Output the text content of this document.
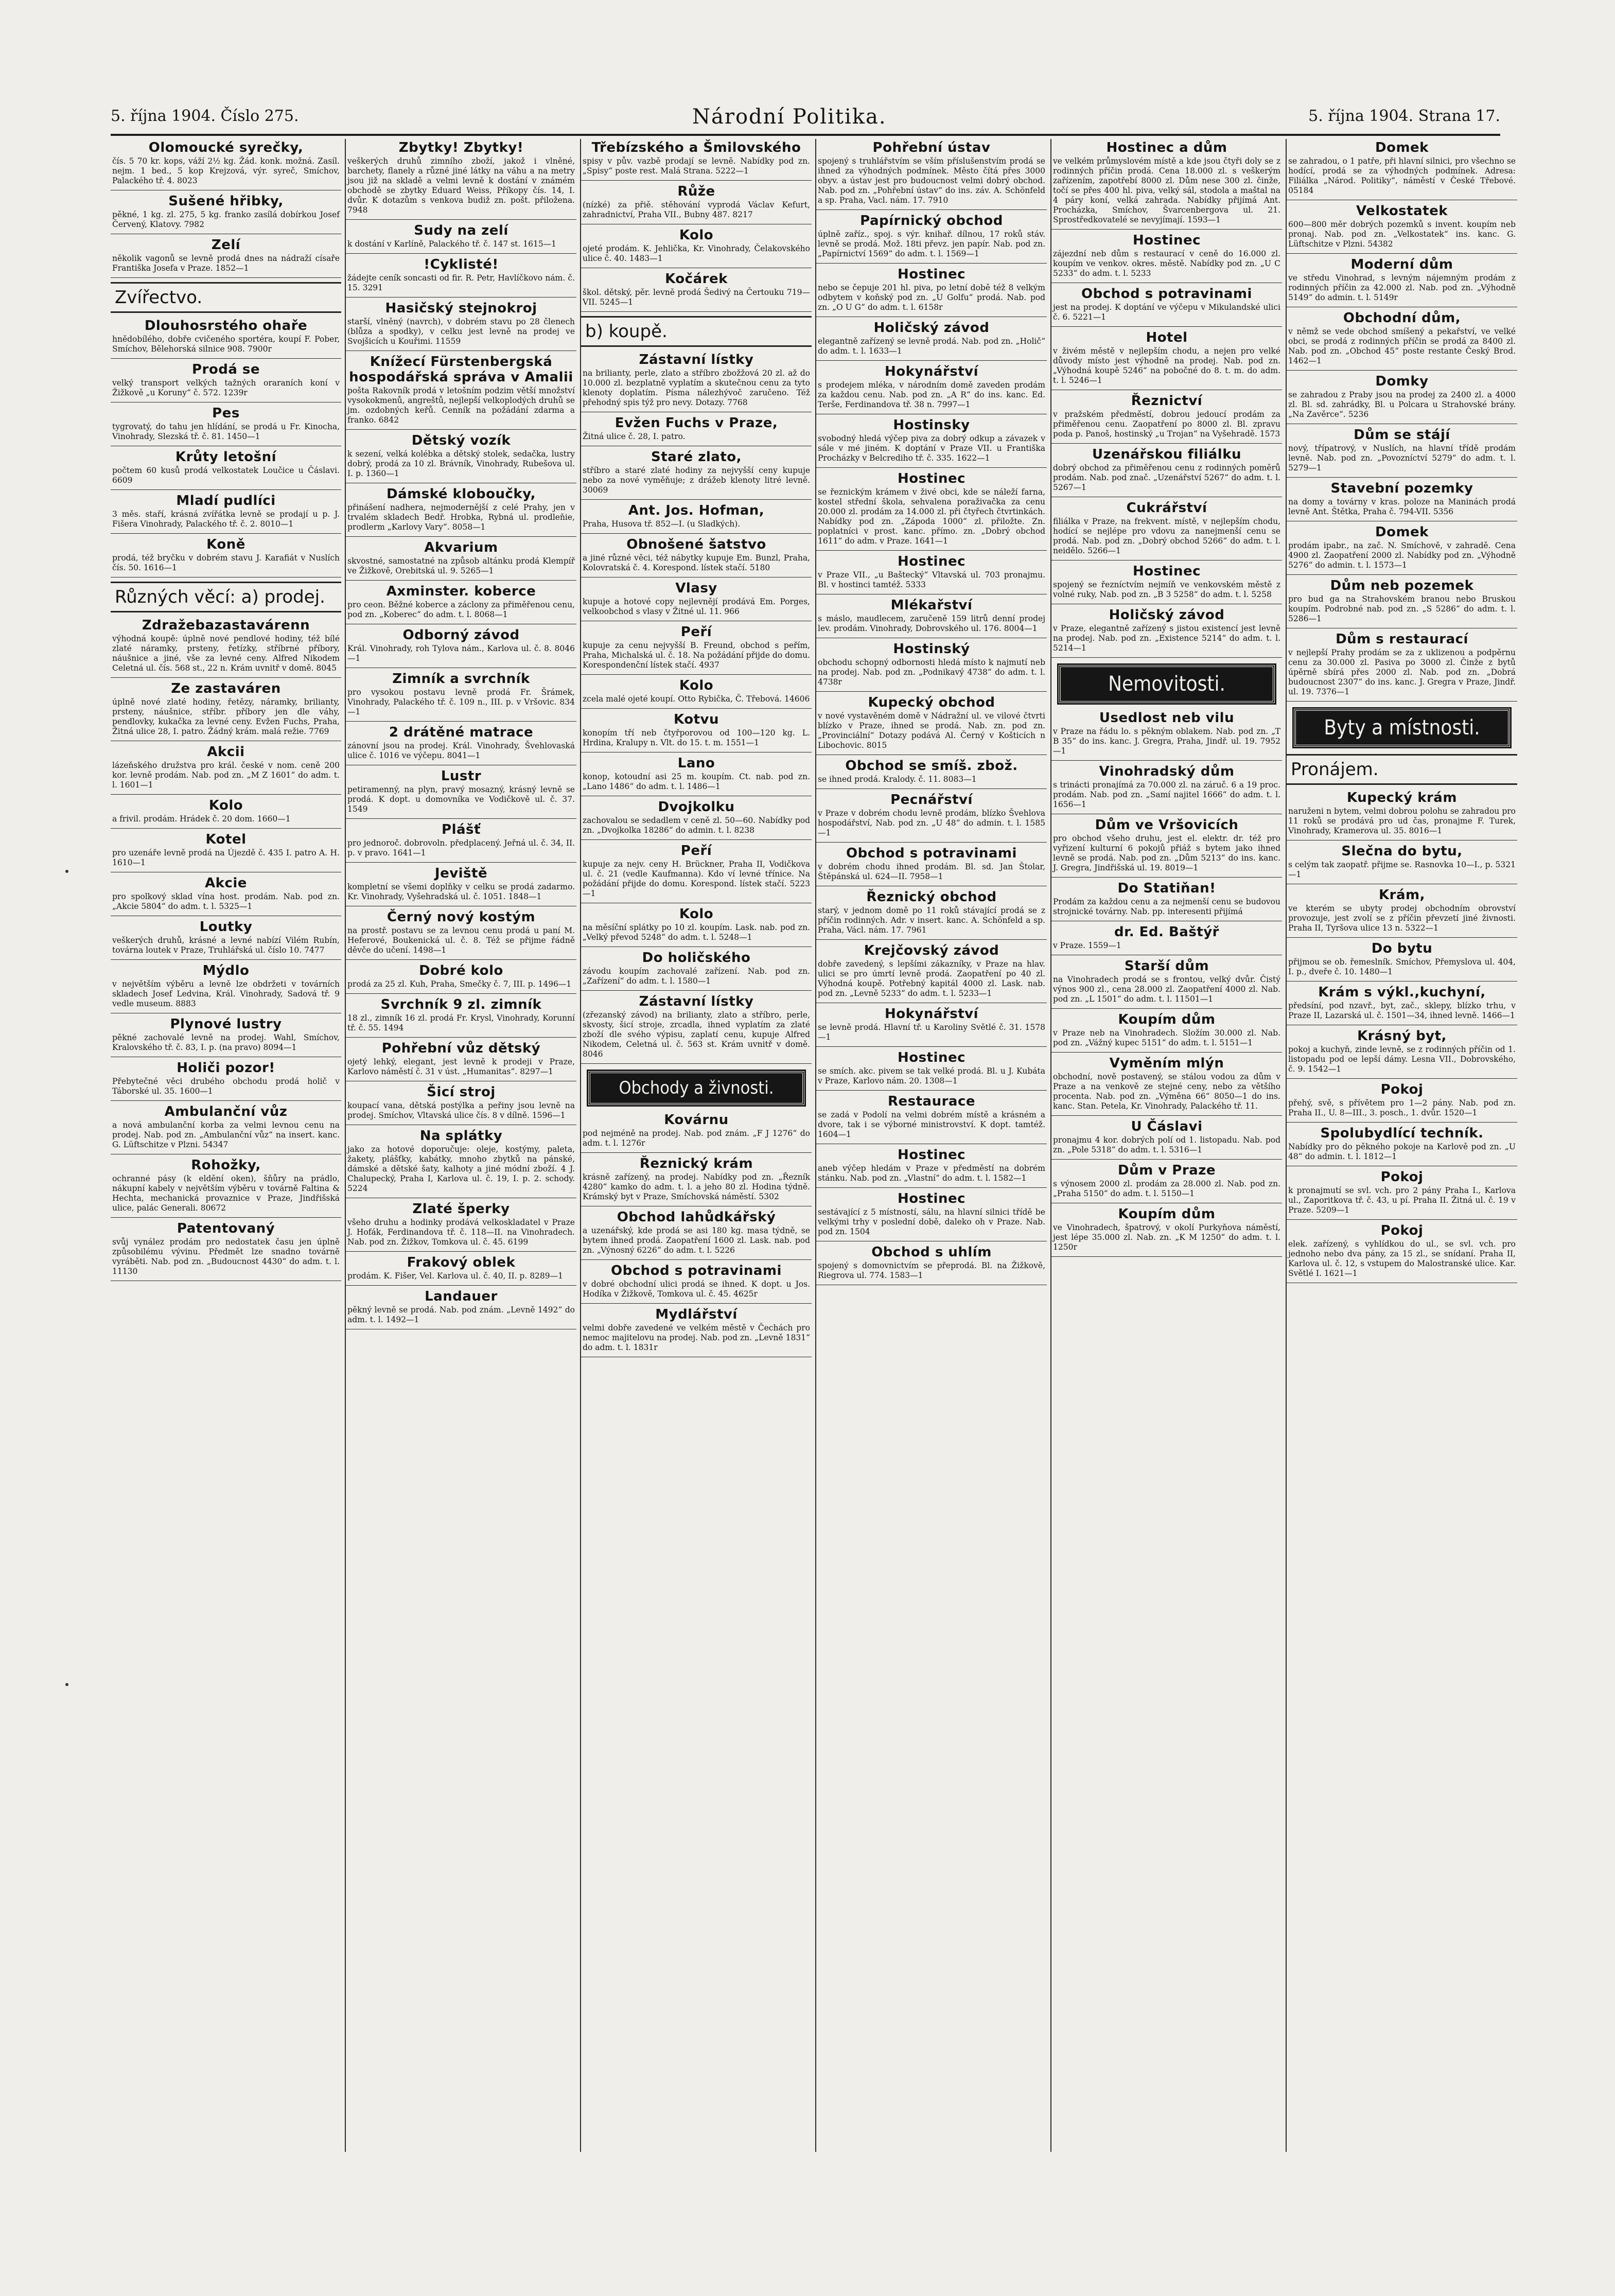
5. října 1904. Číslo 275.	Národní Politika.	5. října 1904. Strana 17.
Olomoucké syrečky,

čís. 5 70 kr. kops, váží 2½ kg. Žád. konk. možná. Zasíl. nejm. 1 bed., 5 kop Krejzová, výr. syreč, Smíchov, Palackého tř. 4. 8023

Sušené hřibky,

pěkné, 1 kg. zl. 275, 5 kg. franko zasílá dobírkou Josef Červený, Klatovy. 7982

Zelí

několik vagonů se levně prodá dnes na nádraží císaře Františka Josefa v Praze. 1852—1

Zvířectvo.
Dlouhosrstého ohaře

hnědobílého, dobře cvičeného sportéra, koupí F. Pober, Smíchov, Bělehorská silnice 908. 7900r

Prodá se

velký transport velkých tažných oraraních koní v Žižkově „u Koruny“ č. 572. 1239r

Pes

tygrovatý, do tahu jen hlídání, se prodá u Fr. Kinocha, Vinohrady, Slezská tř. č. 81. 1450—1

Krůty letošní

počtem 60 kusů prodá velkostatek Loučice u Čáslavi. 6609

Mladí pudlíci

3 měs. staří, krásná zvířátka levně se prodají u p. J. Fišera Vinohrady, Palackého tř. č. 2. 8010—1

Koně

prodá, též bryčku v dobrém stavu J. Karafiát v Nuslích čís. 50. 1616—1

Různých věcí: a) prodej.
Zdražebazastavárenn

výhodná koupě: úplně nové pendlové hodiny, též bílé zlaté náramky, prsteny, řetízky, stříbrné příbory, náušnice a jiné, vše za levné ceny. Alfred Nikodem Celetná ul. čís. 568 st., 22 n. Krám uvnitř v domě. 8045

Ze zastaváren

úplně nové zlaté hodiny, řetězy, náramky, brilianty, prsteny, náušnice, stříbr. příbory jen dle váhy, pendlovky, kukačka za levné ceny. Evžen Fuchs, Praha, Žitná ulice 28, I. patro. Žádný krám. malá režie. 7769

Akcii

lázeňského družstva pro král. české v nom. ceně 200 kor. levně prodám. Nab. pod zn. „M Z 1601“ do adm. t. l. 1601—1

Kolo

a frivil. prodám. Hrádek č. 20 dom. 1660—1

Kotel

pro uzenáře levně prodá na Újezdě č. 435 I. patro A. H. 1610—1

Akcie

pro spolkový sklad vína host. prodám. Nab. pod zn. „Akcie 5804“ do adm. t. l. 5325—1

Loutky

veškerých druhů, krásné a levné nabízí Vilém Rubín, továrna loutek v Praze, Truhlářská ul. číslo 10. 7477

Mýdlo

v největším výběru a levně lze obdržeti v továrních skladech Josef Ledvina, Král. Vinohrady, Sadová tř. 9 vedle museum. 8883

Plynové lustry

pěkné zachovalé levně na prodej. Wahl, Smíchov, Kralovského tř. č. 83, I. p. (na pravo) 8094—1

Holiči pozor!

Přebytečné věci drubého obchodu prodá holič v Táborské ul. 35. 1600—1

Ambulanční vůz

a nová ambulanční korba za velmi levnou cenu na prodej. Nab. pod zn. „Ambulanční vůz“ na insert. kanc. G. Lüftschitze v Plzni. 54347

Rohožky,

ochranné pásy (k eldění oken), šňůry na prádlo, nákupní kabely v největším výběru v továrně Faltina & Hechta, mechanická provaznice v Praze, Jindřišská ulice, palác Generali. 80672

Patentovaný

svůj vynález prodám pro nedostatek času jen úplně způsobilému vývinu. Předmět lze snadno továrně vyráběti. Nab. pod zn. „Budoucnost 4430“ do adm. t. l. 11130

Zbytky! Zbytky!

veškerých druhů zimního zboží, jakož i vlněné, barchety, flanely a různé jiné látky na váhu a na metry jsou již na skladě a velmi levně k dostání v známém obchodě se zbytky Eduard Weiss, Příkopy čís. 14, I. dvůr. K dotazům s venkova budiž zn. pošt. přiložena. 7948

Sudy na zelí

k dostání v Karlíně, Palackého tř. č. 147 st. 1615—1

!Cyklisté!

žádejte ceník soncasti od fir. R. Petr, Havlíčkovo nám. č. 15. 3291

Hasičský stejnokroj

starší, vlněný (navrch), v dobrém stavu po 28 členech (blůza a spodky), v celku jest levně na prodej ve Svojšicích u Kouřimi. 11559

Knížecí Fürstenbergská hospodářská správa v Amalii

pošta Rakovník prodá v letošním podzim větší množství vysokokmenů, angreštů, nejlepší velkoplodých druhů se jm. ozdobných keřů. Cenník na požádání zdarma a franko. 6842

Dětský vozík

k sezení, velká kolébka a dětský stolek, sedačka, lustry dobrý, prodá za 10 zl. Brávník, Vinohrady, Rubešova ul. I. p. 1360—1

Dámské kloboučky,

přinášení nadhera, nejmodernější z celé Prahy, jen v trvalém skladech Bedř. Hrobka, Rybná ul. prodleňie, prodlerm „Karlovy Vary“. 8058—1

Akvarium

skvostné, samostatné na způsob altánku prodá Klempíř ve Žižkově, Orebitská ul. 9. 5265—1

Axminster. koberce

pro ceon. Běžné koberce a záclony za přiměřenou cenu, pod zn. „Koberec“ do adm. t. l. 8068—1

Odborný závod

Král. Vinohrady, roh Tylova nám., Karlova ul. č. 8. 8046—1

Zimník a svrchník

pro vysokou postavu levně prodá Fr. Šrámek, Vinohrady, Palackého tř. č. 109 n., III. p. v Vršovic. 834—1

2 drátěné matrace

zánovní jsou na prodej. Král. Vinohrady, Švehlovaská ulice č. 1016 ve výčepu. 8041—1

Lustr

petiramenný, na plyn, pravý mosazný, krásný levně se prodá. K dopt. u domovníka ve Vodičkově ul. č. 37. 1549

Plášť

pro jednoroč. dobrovoln. předplacený. Jeřná ul. č. 34, II. p. v pravo. 1641—1

Jeviště

kompletní se všemi doplňky v celku se prodá zadarmo. Kr. Vinohrady, Vyšehradská ul. č. 1051. 1848—1

Černý nový kostým

na prostř. postavu se za levnou cenu prodá u paní M. Heferové, Boukenická ul. č. 8. Též se přijme řádně děvče do učení. 1498—1

Dobré kolo

prodá za 25 zl. Kuh, Praha, Smečky č. 7, III. p. 1496—1

Svrchník 9 zl. zimník

18 zl., zimník 16 zl. prodá Fr. Krysl, Vinohrady, Korunní tř. č. 55. 1494

Pohřební vůz dětský

ojetý lehký, elegant, jest levně k prodeji v Praze, Karlovo náměstí č. 31 v úst. „Humanitas“. 8297—1

Šicí stroj

koupací vana, dětská postýlka a peřiny jsou levně na prodej. Smíchov, Vltavská ulice čís. 8 v dílně. 1596—1

Na splátky

jako za hotové doporučuje: oleje, kostýmy, paleta, žakety, plášťky, kabátky, mnoho zbytků na pánské, dámské a dětské šaty, kalhoty a jiné módní zboží. 4 J. Chalupecký, Praha I, Karlova ul. č. 19, I. p. 2. schody. 5224

Zlaté šperky

všeho druhu a hodinky prodává velkoskladatel v Praze J. Hofák, Ferdinandova tř. č. 118—II. na Vinohradech. Nab. pod zn. Žižkov, Tomkova ul. č. 45. 6199

Frakový oblek

prodám. K. Fišer, Vel. Karlova ul. č. 40, II. p. 8289—1

Landauer

pěkný levně se prodá. Nab. pod znám. „Levně 1492“ do adm. t. l. 1492—1

Třebízského a Šmilovského

spisy v pův. vazbě prodají se levně. Nabídky pod zn. „Spisy“ poste rest. Malá Strana. 5222—1

Růže

(nízké) za přiě. stěhování vyprodá Václav Kefurt, zahradnictví, Praha VII., Bubny 487. 8217

Kolo

ojeté prodám. K. Jehlička, Kr. Vinohrady, Čelakovského ulice č. 40. 1483—1

Kočárek

škol. dětský, pěr. levně prodá Šedivý na Čertouku 719—VII. 5245—1

b) koupě.
Zástavní lístky

na brilianty, perle, zlato a stříbro zbožžová 20 zl. až do 10.000 zl. bezplatně vyplatím a skutečnou cenu za tyto klenoty doplatím. Písma nálezhývoč zaručeno. Též přehodný spis týž pro nevy. Dotazy. 7768

Evžen Fuchs v Praze,

Žitná ulice č. 28, I. patro.

Staré zlato,

stříbro a staré zlaté hodiny za nejvyšší ceny kupuje nebo za nové vyměňuje; z drážeb klenoty litré levně. 30069

Ant. Jos. Hofman,

Praha, Husova tř. 852—I. (u Sladkých).

Obnošené šatstvo

a jiné různé věci, též nábytky kupuje Em. Bunzl, Praha, Kolovratská č. 4. Korespond. lístek stačí. 5180

Vlasy

kupuje a hotové copy nejlevnějí prodává Em. Porges, velkoobchod s vlasy v Žitné ul. 11. 966

Peří

kupuje za cenu nejvyšší B. Freund, obchod s peřím, Praha, Michalská ul. č. 18. Na požádání přijde do domu. Korespondenční lístek stačí. 4937

Kolo

zcela malé ojeté koupí. Otto Rybička, Č. Třebová. 14606

Kotvu

konopím tří neb čtyřporovou od 100—120 kg. L. Hrdina, Kralupy n. Vlt. do 15. t. m. 1551—1

Lano

konop, kotoudní asi 25 m. koupím. Ct. nab. pod zn. „Lano 1486“ do adm. t. l. 1486—1

Dvojkolku

zachovalou se sedadlem v ceně zl. 50—60. Nabídky pod zn. „Dvojkolka 18286“ do admin. t. l. 8238

Peří

kupuje za nejv. ceny H. Brückner, Praha II, Vodičkova ul. č. 21 (vedle Kaufmanna). Kdo ví levné třínice. Na požádání přijde do domu. Korespond. lístek stačí. 5223—1

Kolo

na měsíční splátky po 10 zl. koupím. Lask. nab. pod zn. „Velký převod 5248“ do adm. t. l. 5248—1

Do holičského

závodu koupím zachovalé zařízení. Nab. pod zn. „Zařízení“ do adm. t. l. 1580—1

Zástavní lístky

(zřezanský závod) na brilianty, zlato a stříbro, perle, skvosty, šicí stroje, zrcadla, ihned vyplatím za zlaté zboží dle svého výpisu, zaplatí cenu, kupuje Alfred Nikodem, Celetná ul. č. 563 st. Krám uvnitř v domě. 8046

Obchody a živnosti.
Kovárnu

pod nejméně na prodej. Nab. pod znám. „F J 1276“ do adm. t. l. 1276r

Řeznický krám

krásně zařízený, na prodej. Nabídky pod zn. „Řezník 4280“ kamko do adm. t. l. a jeho 80 zl. Hodina týdně. Krámský byt v Praze, Smíchovská náměstí. 5302

Obchod lahůdkářský

a uzenářský, kde prodá se asi 180 kg. masa týdně, se bytem ihned prodá. Zaopatření 1600 zl. Lask. nab. pod zn. „Výnosný 6226“ do adm. t. l. 5226

Obchod s potravinami

v dobré obchodní ulici prodá se ihned. K dopt. u Jos. Hodíka v Žižkově, Tomkova ul. č. 45. 4625r

Mydlářství

velmi dobře zavedené ve velkém městě v Čechách pro nemoc majitelovu na prodej. Nab. pod zn. „Levně 1831“ do adm. t. l. 1831r

Pohřební ústav

spojený s truhlářstvím se vším příslušenstvím prodá se ihned za výhodných podmínek. Město čítá přes 3000 obyv. a ústav jest pro budoucnost velmi dobrý obchod. Nab. pod zn. „Pohřební ústav“ do ins. záv. A. Schönfeld a sp. Praha, Vacl. nám. 17. 7910

Papírnický obchod

úplně zaříz., spoj. s výr. knihař. dílnou, 17 roků stáv. levně se prodá. Mož. 18ti převz. jen papír. Nab. pod zn. „Papírnictví 1569“ do adm. t. l. 1569—1

Hostinec

nebo se čepuje 201 hl. piva, po letní době též 8 velkým odbytem v koňský pod zn. „U Golfu“ prodá. Nab. pod zn. „O U G“ do adm. t. l. 6158r

Holičský závod

elegantně zařízený se levně prodá. Nab. pod zn. „Holič“ do adm. t. l. 1633—1

Hokynářství

s prodejem mléka, v národním domě zaveden prodám za každou cenu. Nab. pod zn. „A R“ do ins. kanc. Ed. Terše, Ferdinandova tř. 38 n. 7997—1

Hostinsky

svobodný hledá výčep piva za dobrý odkup a závazek v sále v mé jiném. K doptání v Praze VII. u Františka Procházky v Belcrediho tř. č. 335. 1622—1

Hostinec

se řeznickým krámem v živé obci, kde se náleží farna, kostel střední škola, sehvalena poraživačka za cenu 20.000 zl. prodám za 14.000 zl. při čtyřech čtvrtinkách. Nabídky pod zn. „Zápoda 1000“ zl. přiložte. Zn. poplatníci v prost. kanc. přímo. zn. „Dobrý obchod 1611“ do adm. v Praze. 1641—1

Hostinec

v Praze VII., „u Baštecký“ Vltavská ul. 703 pronajmu. Bl. v hostinci tamtéž. 5333

Mlékařství

s máslo, maudlecem, zaručeně 159 litrů denní prodej lev. prodám. Vinohrady, Dobrovského ul. 176. 8004—1

Hostinský

obchodu schopný odbornosti hledá místo k najmutí neb na prodej. Nab. pod zn. „Podnikavý 4738“ do adm. t. l. 4738r

Kupecký obchod

v nové vystavěném domě v Nádražní ul. ve vilové čtvrti blízko v Praze, ihned se prodá. Nab. zn. pod zn. „Provinciální“ Dotazy podává Al. Černý v Košticích n Libochovic. 8015

Obchod se smíš. zbož.

se ihned prodá. Kralody. č. 11. 8083—1

Pecnářství

v Praze v dobrém chodu levně prodám, blízko Švehlova hospodářství, Nab. pod zn. „U 48“ do admin. t. l. 1585—1

Obchod s potravinami

v dobrém chodu ihned prodám. Bl. sd. Jan Štolar, Štěpánská ul. 624—II. 7958—1

Řeznický obchod

starý, v jednom domě po 11 roků stávající prodá se z příčin rodinných. Adr. v insert. kanc. A. Schönfeld a sp. Praha, Václ. nám. 17. 7961

Krejčovský závod

dobře zavedený, s lepšími zákazníky, v Praze na hlav. ulici se pro úmrtí levně prodá. Zaopatření po 40 zl. Výhodná koupě. Potřebný kapitál 4000 zl. Lask. nab. pod zn. „Levně 5233“ do adm. t. l. 5233—1

Hokynářství

se levně prodá. Hlavní tř. u Karoliny Světlé č. 31. 1578—1

Hostinec

se smích. akc. pivem se tak velké prodá. Bl. u J. Kubáta v Praze, Karlovo nám. 20. 1308—1

Restaurace

se zadá v Podolí na velmi dobrém místě a krásném a dvore, tak i se výborné ministrovství. K dopt. tamtéž. 1604—1

Hostinec

aneb výčep hledám v Praze v předměstí na dobrém stánku. Nab. pod zn. „Vlastní“ do adm. t. l. 1582—1

Hostinec

sestávající z 5 místností, sálu, na hlavní silnici třídě be velkými trhy v poslední době, daleko oh v Praze. Nab. pod zn. 1504

Obchod s uhlím

spojený s domovnictvím se přeprodá. Bl. na Žižkově, Riegrova ul. 774. 1583—1

Hostinec a dům

ve velkém průmyslovém místě a kde jsou čtyři doly se z rodinných příčin prodá. Cena 18.000 zl. s veškerým zařízením, zapotřebí 8000 zl. Dům nese 300 zl. činže, točí se přes 400 hl. piva, velký sál, stodola a maštal na 4 páry koní, velká zahrada. Nabídky přijímá Ant. Procházka, Smíchov, Švarcenbergova ul. 21. Sprostředkovatelé se nevyjímají. 1593—1

Hostinec

zájezdní neb dům s restaurací v ceně do 16.000 zl. koupím ve venkov. okres. městě. Nabídky pod zn. „U C 5233“ do adm. t. l. 5233

Obchod s potravinami

jest na prodej. K doptání ve výčepu v Mikulandské ulici č. 6. 5221—1

Hotel

v živém městě v nejlepším chodu, a nejen pro velké důvody místo jest výhodně na prodej. Nab. pod zn. „Výhodná koupě 5246“ na pobočné do 8. t. m. do adm. t. l. 5246—1

Řeznictví

v pražském předměstí, dobrou jedoucí prodám za přiměřenou cenu. Zaopatření po 8000 zl. Bl. zpravu poda p. Panoš, hostinský „u Trojan“ na Vyšehradě. 1573

Uzenářskou filiálku

dobrý obchod za přiměřenou cenu z rodinných poměrů prodám. Nab. pod znač. „Uzenářství 5267“ do adm. t. l. 5267—1

Cukrářství

filiálka v Praze, na frekvent. místě, v nejlepším chodu, hodící se nejlépe pro vdovu za nanejmenší cenu se prodá. Nab. pod zn. „Dobrý obchod 5266“ do adm. t. l. neidělo. 5266—1

Hostinec

spojený se řezníctvím nejmíň ve venkovském městě z volné ruky, Nab. pod zn. „B 3 5258“ do adm. t. l. 5258

Holičský závod

v Praze, elegantně zařízený s jistou existencí jest levně na prodej. Nab. pod zn. „Existence 5214“ do adm. t. l. 5214—1

Nemovitosti.
Usedlost neb vilu

v Praze na řádu lo. s pěkným oblakem. Nab. pod zn. „T B 35“ do ins. kanc. J. Gregra, Praha, Jindř. ul. 19. 7952—1

Vinohradský dům

s trinácti pronajímá za 70.000 zl. na záruč. 6 a 19 proc. prodám. Nab. pod zn. „Samí najitel 1666“ do adm. t. l. 1656—1

Dům ve Vršovicích

pro obchod všeho druhu, jest el. elektr. dr. též pro vyřizení kulturní 6 pokojů přiáž s bytem jako ihned levně se prodá. Nab. pod zn. „Dům 5213“ do ins. kanc. J. Gregra, Jindřišská ul. 19. 8019—1

Do Statiňan!

Prodám za každou cenu a za nejmenší cenu se budovou strojnické továrny. Nab. pp. interesenti přijímá

dr. Ed. Baštýř

v Praze. 1559—1

Starší dům

na Vinohradech prodá se s frontou, velký dvůr. Čistý výnos 900 zl., cena 28.000 zl. Zaopatření 4000 zl. Nab. pod zn. „L 1501“ do adm. t. l. 11501—1

Koupím dům

v Praze neb na Vinohradech. Složím 30.000 zl. Nab. pod zn. „Vážný kupec 5151“ do adm. t. l. 5151—1

Vyměním mlýn

obchodní, nově postavený, se stálou vodou za dům v Praze a na venkově ze stejné ceny, nebo za většího procenta. Nab. pod zn. „Výměna 66“ 8050—1 do ins. kanc. Stan. Petela, Kr. Vinohrady, Palackého tř. 11.

U Čáslavi

pronajmu 4 kor. dobrých polí od 1. listopadu. Nab. pod zn. „Pole 5318“ do adm. t. l. 5316—1

Dům v Praze

s výnosem 2000 zl. prodám za 28.000 zl. Nab. pod zn. „Praha 5150“ do adm. t. l. 5150—1

Koupím dům

ve Vinohradech, špatrový, v okolí Purkyňova náměstí, jest lépe 35.000 zl. Nab. zn. „K M 1250“ do adm. t. l. 1250r

Domek

se zahradou, o 1 patře, při hlavní silnici, pro všechno se hodící, prodá se za výhodných podmínek. Adresa: Filiálka „Národ. Politiky“, náměstí v České Třebové. 05184

Velkostatek

600—800 měr dobrých pozemků s invent. koupím neb pronaj. Nab. pod zn. „Velkostatek“ ins. kanc. G. Lüftschitze v Plzni. 54382

Moderní dům

ve středu Vinohrad, s levným nájemným prodám z rodinných příčin za 42.000 zl. Nab. pod zn. „Výhodně 5149“ do admin. t. l. 5149r

Obchodní dům,

v němž se vede obchod smíšený a pekařství, ve velké obci, se prodá z rodinných příčin se prodá za 8400 zl. Nab. pod zn. „Obchod 45“ poste restante Český Brod. 1462—1

Domky

se zahradou z Praby jsou na prodej za 2400 zl. a 4000 zl. Bl. sd. zahrádky, Bl. u Polcara u Strahovské brány. „Na Zavěrce“. 5236

Dům se stájí

nový, třípatrový, v Nuslích, na hlavní třídě prodám levně. Nab. pod zn. „Povozníctví 5279“ do adm. t. l. 5279—1

Stavební pozemky

na domy a továrny v kras. poloze na Maninách prodá levně Ant. Štětka, Praha č. 794-VII. 5356

Domek

prodám ipabr., na zač. N. Smíchově, v zahradě. Cena 4900 zl. Zaopatření 2000 zl. Nabídky pod zn. „Výhodně 5276“ do admin. t. l. 1573—1

Dům neb pozemek

pro bud ga na Strahovském branou nebo Bruskou koupím. Podrobné nab. pod zn. „S 5286“ do adm. t. l. 5286—1

Dům s restaurací

v nejlepší Prahy prodám se za z uklizenou a podpěrnu cenu za 30.000 zl. Pasiva po 3000 zl. Činže z bytů úpěrně sbírá přes 2000 zl. Nab. pod zn. „Dobrá budoucnost 2307“ do ins. kanc. J. Gregra v Praze, Jindř. ul. 19. 7376—1

Byty a místnosti.
Pronájem.
Kupecký krám

naruženi n bytem, velmi dobrou polohu se zahradou pro 11 roků se prodává pro ud čas, pronajme F. Turek, Vinohrady, Kramerova ul. 35. 8016—1

Slečna do bytu,

s celým tak zaopatř. přijme se. Rasnovka 10—I., p. 5321—1

Krám,

ve kterém se ubyty prodej obchodním obrovství provozuje, jest zvolí se z příčin převzetí jiné živnosti. Praha II, Tyršova ulice 13 n. 5322—1

Do bytu

přijmou se ob. řemeslník. Smíchov, Přemyslova ul. 404, I. p., dveře č. 10. 1480—1

Krám s výkl.,kuchyní,

předsíní, pod nzavř., byt, zač., sklepy, blízko trhu, v Praze II, Lazarská ul. č. 1501—34, ihned levně. 1466—1

Krásný byt,

pokoj a kuchyň, zinde levně, se z rodinných příčin od 1. listopadu pod oe lepší dámy. Lesna VII., Dobrovského, č. 9. 1542—1

Pokoj

přehý, svě, s přívětem pro 1—2 pány. Nab. pod zn. Praha II., U. 8—III., 3. posch., 1. dvůr. 1520—1

Spolubydlící techník.

Nabídky pro do pěkného pokoje na Karlově pod zn. „U 48“ do admin. t. l. 1812—1

Pokoj

k pronajmutí se svl. vch. pro 2 pány Praha I., Karlova ul., Zaporitkova tř. č. 43, u pí. Praha II. Žitná ul. č. 19 v Praze. 5209—1

Pokoj

elek. zařízený, s vyhlídkou do ul., se svl. vch. pro jednoho nebo dva pány, za 15 zl., se snídaní. Praha II, Karlova ul. č. 12, s vstupem do Malostranské ulice. Kar. Světlé I. 1621—1
